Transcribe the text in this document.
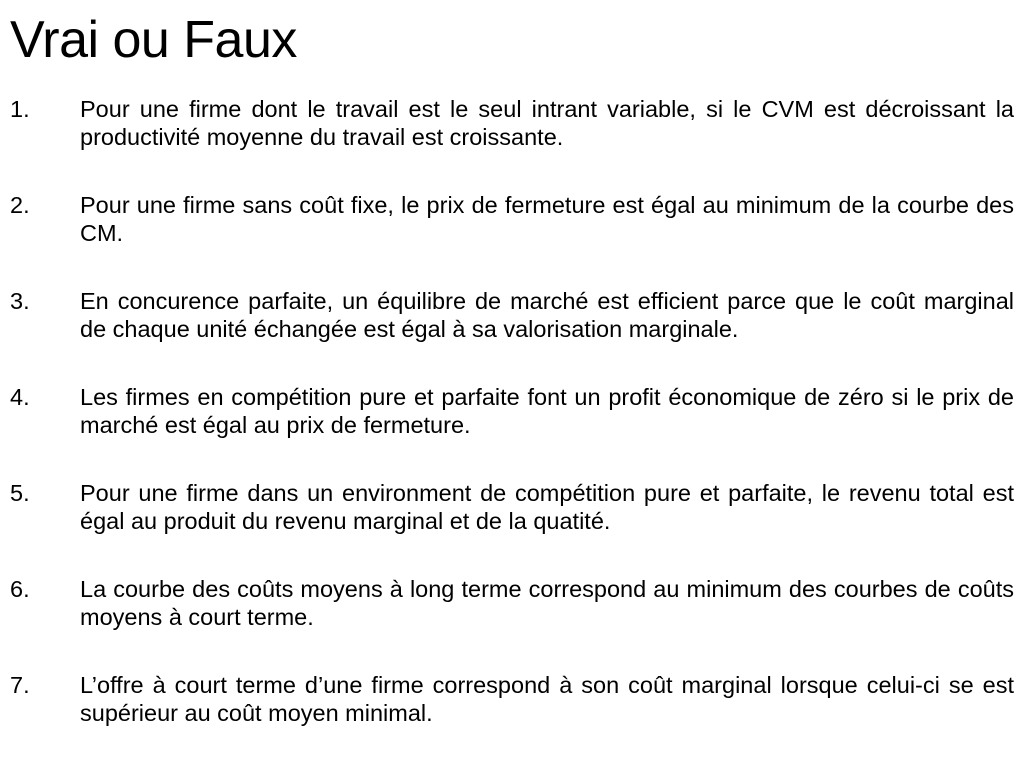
Vrai ou Faux
1.	Pour une firme dont le travail est le seul intrant variable, si le CVM est décroissant la productivité moyenne du travail est croissante.
2.	Pour une firme sans coût fixe, le prix de fermeture est égal au minimum de la courbe des CM.
3.	En concurence parfaite, un équilibre de marché est efficient parce que le coût marginal de chaque unité échangée est égal à sa valorisation marginale.
4.	Les firmes en compétition pure et parfaite font un profit économique de zéro si le prix de marché est égal au prix de fermeture.
5.	Pour une firme dans un environment de compétition pure et parfaite, le revenu total est égal au produit du revenu marginal et de la quatité.
6.	La courbe des coûts moyens à long terme correspond au minimum des courbes de coûts moyens à court terme.
7.	L’offre à court terme d’une firme correspond à son coût marginal lorsque celui-ci se est supérieur au coût moyen minimal.
